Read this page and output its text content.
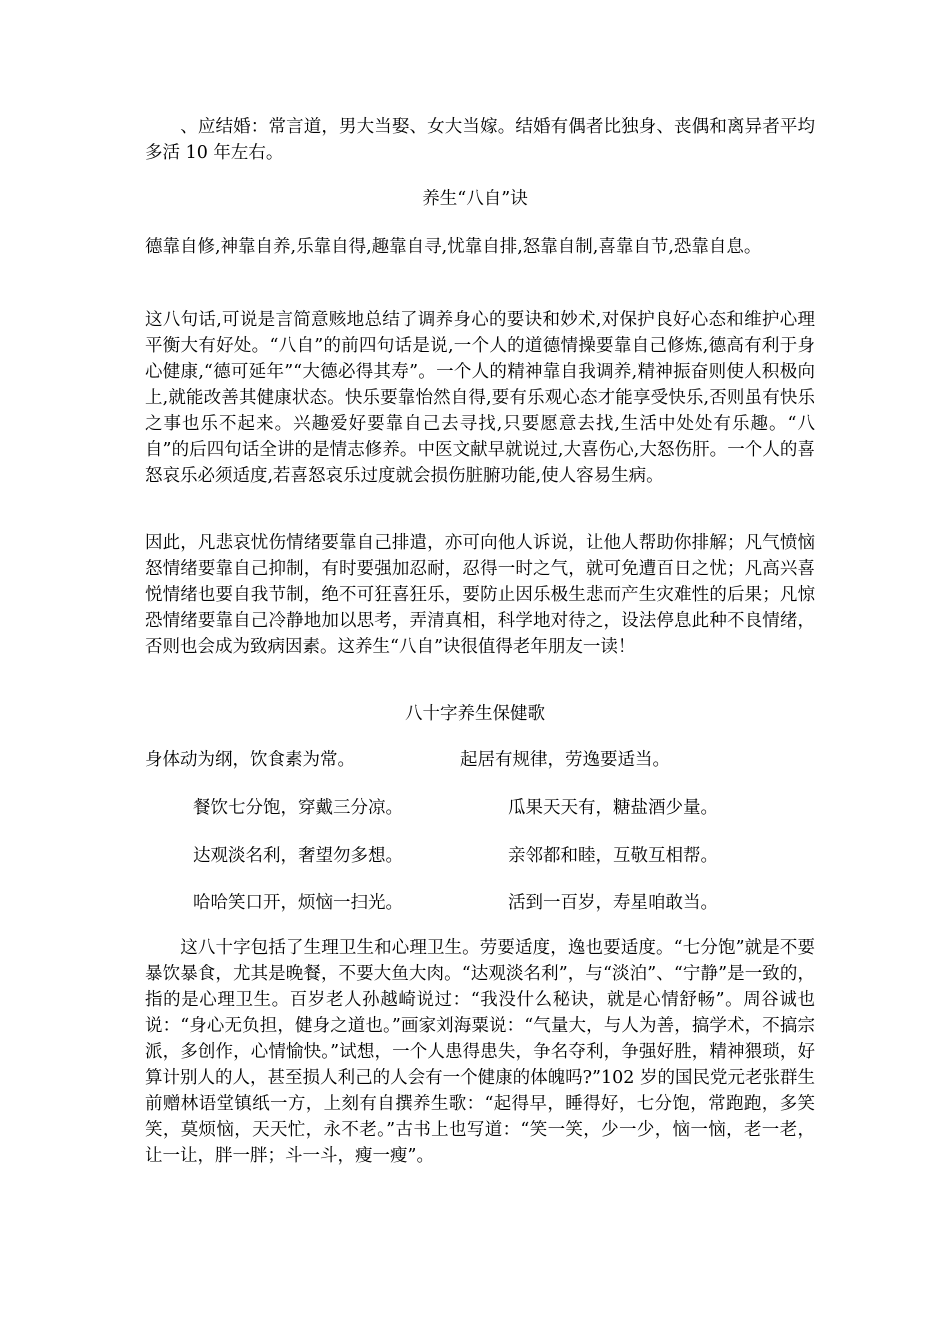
　　、应结婚：常言道，男大当娶、女大当嫁。结婚有偶者比独身、丧偶和离异者平均多活 10 年左右。

养生“八自”诀

德靠自修,神靠自养,乐靠自得,趣靠自寻,忧靠自排,怒靠自制,喜靠自节,恐靠自息。

这八句话,可说是言简意赅地总结了调养身心的要诀和妙术,对保护良好心态和维护心理平衡大有好处。“八自”的前四句话是说,一个人的道德情操要靠自己修炼,德高有利于身心健康,“德可延年”“大德必得其寿”。一个人的精神靠自我调养,精神振奋则使人积极向上,就能改善其健康状态。快乐要靠怡然自得,要有乐观心态才能享受快乐,否则虽有快乐之事也乐不起来。兴趣爱好要靠自己去寻找,只要愿意去找,生活中处处有乐趣。“八自”的后四句话全讲的是情志修养。中医文献早就说过,大喜伤心,大怒伤肝。一个人的喜怒哀乐必须适度,若喜怒哀乐过度就会损伤脏腑功能,使人容易生病。

因此，凡悲哀忧伤情绪要靠自己排遣，亦可向他人诉说，让他人帮助你排解；凡气愤恼怒情绪要靠自己抑制，有时要强加忍耐，忍得一时之气，就可免遭百日之忧；凡高兴喜悦情绪也要自我节制，绝不可狂喜狂乐，要防止因乐极生悲而产生灾难性的后果；凡惊恐情绪要靠自己冷静地加以思考，弄清真相，科学地对待之，设法停息此种不良情绪，否则也会成为致病因素。这养生“八自”诀很值得老年朋友一读！

八十字养生保健歌

身体动为纲，饮食素为常。	起居有规律，劳逸要适当。

餐饮七分饱，穿戴三分凉。	瓜果天天有，糖盐酒少量。

达观淡名利，奢望勿多想。	亲邻都和睦，互敬互相帮。

哈哈笑口开，烦恼一扫光。	活到一百岁，寿星咱敢当。

　　这八十字包括了生理卫生和心理卫生。劳要适度，逸也要适度。“七分饱”就是不要暴饮暴食，尤其是晚餐，不要大鱼大肉。“达观淡名利”，与“淡泊”、“宁静”是一致的，指的是心理卫生。百岁老人孙越崎说过：“我没什么秘诀，就是心情舒畅”。周谷诚也说：“身心无负担，健身之道也。”画家刘海粟说：“气量大，与人为善，搞学术，不搞宗派，多创作，心情愉快。”试想，一个人患得患失，争名夺利，争强好胜，精神猥琐，好算计别人的人，甚至损人利己的人会有一个健康的体魄吗?”102 岁的国民党元老张群生前赠林语堂镇纸一方，上刻有自撰养生歌：“起得早，睡得好，七分饱，常跑跑，多笑笑，莫烦恼，天天忙，永不老。”古书上也写道：“笑一笑，少一少，恼一恼，老一老，让一让，胖一胖；斗一斗，瘦一瘦”。
